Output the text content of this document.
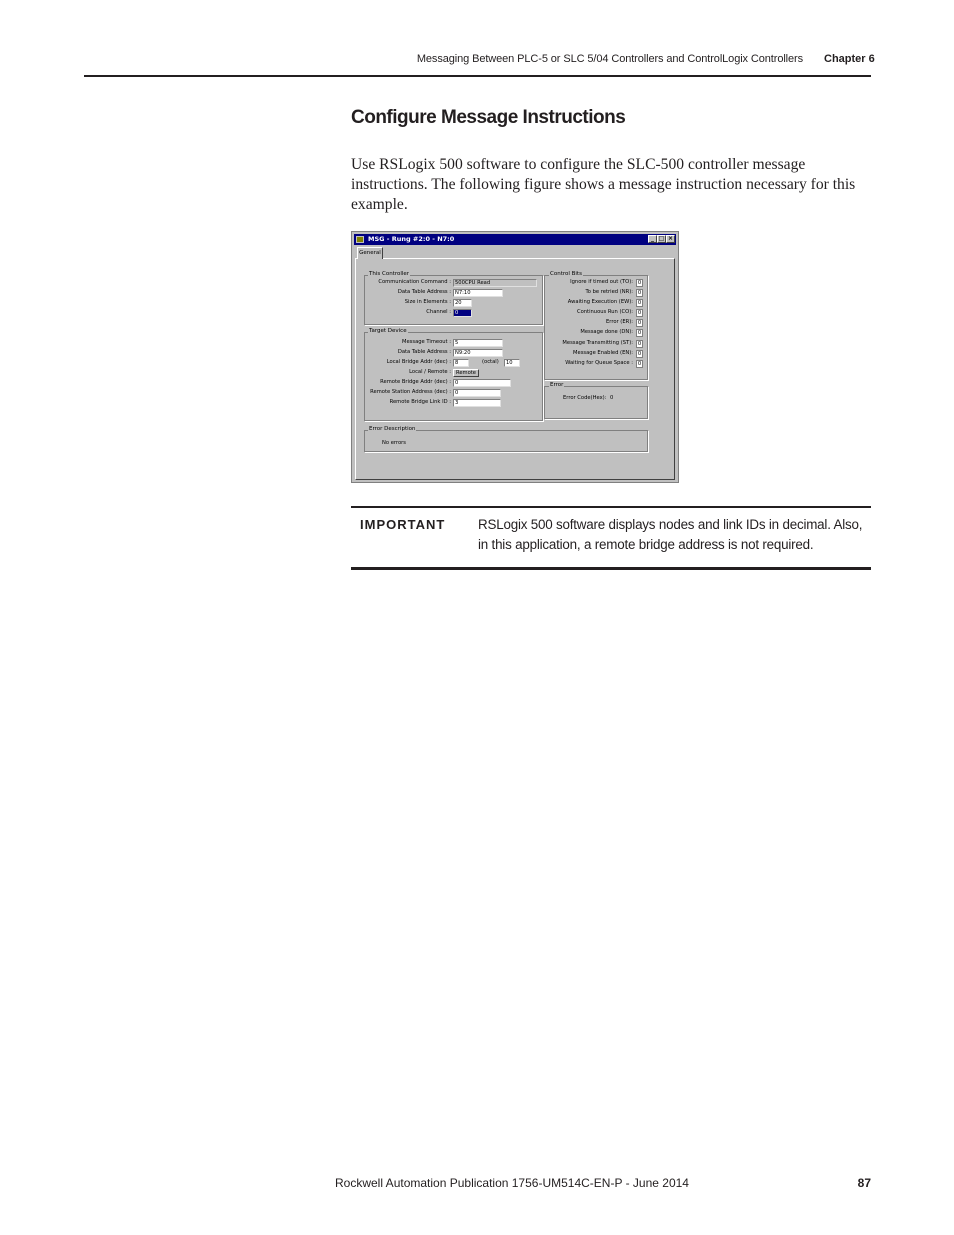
Messaging Between PLC-5 or SLC 5/04 Controllers and ControlLogix Controllers Chapter 6
Configure Message Instructions
Use RSLogix 500 software to configure the SLC-500 controller message instructions. The following figure shows a message instruction necessary for this example.
MSG - Rung #2:0 - N7:0	_ □ ×
General
This Controller
Communication Command : 500CPU Read
Data Table Address : N7:10
Size in Elements : 20
Channel : 0
Target Device
Message Timeout : 5
Data Table Address : N9:20
Local Bridge Addr (dec) : 8	(octal)	10
Local / Remote : Remote
Remote Bridge Addr (dec) : 0
Remote Station Address (dec) : 0
Remote Bridge Link ID : 3
Control Bits
Ignore if timed out (TO): 0
To be retried (NR): 0
Awaiting Execution (EW): 0
Continuous Run (CO): 0
Error (ER): 0
Message done (DN): 0
Message Transmitting (ST): 0
Message Enabled (EN): 0
Waiting for Queue Space : 0
Error
Error Code(Hex): 0
Error Description
No errors
IMPORTANT RSLogix 500 software displays nodes and link IDs in decimal. Also, in this application, a remote bridge address is not required.
Rockwell Automation Publication 1756-UM514C-EN-P - June 2014	87
